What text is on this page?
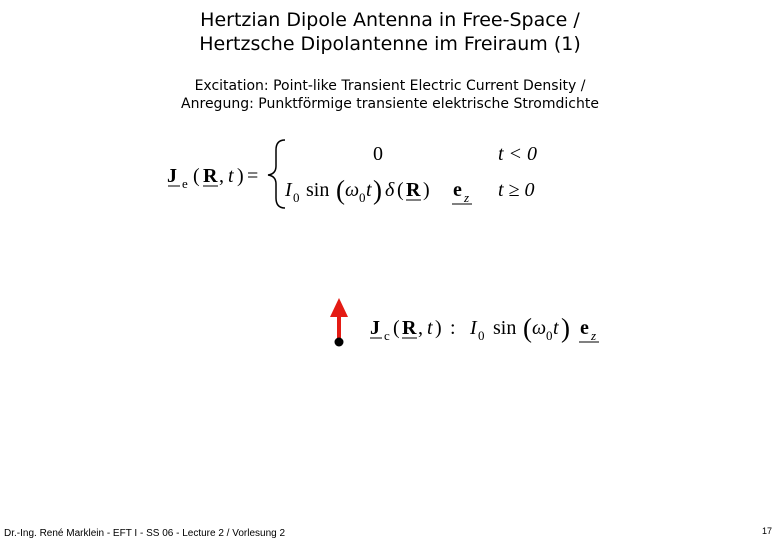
Hertzian Dipole Antenna in Free-Space /
Hertzsche Dipolantenne im Freiraum (1)
Excitation: Point-like Transient Electric Current Density /
Anregung: Punktförmige transiente elektrische Stromdichte
J e ( R , t ) =
0	t < 0
I 0 sin ( ω 0 t ) δ ( R ) e z t ≥ 0
J c ( R , t ) : I 0 sin ( ω 0 t ) e z
Dr.-Ing. René Marklein - EFT I - SS 06 - Lecture 2 / Vorlesung 2	17
